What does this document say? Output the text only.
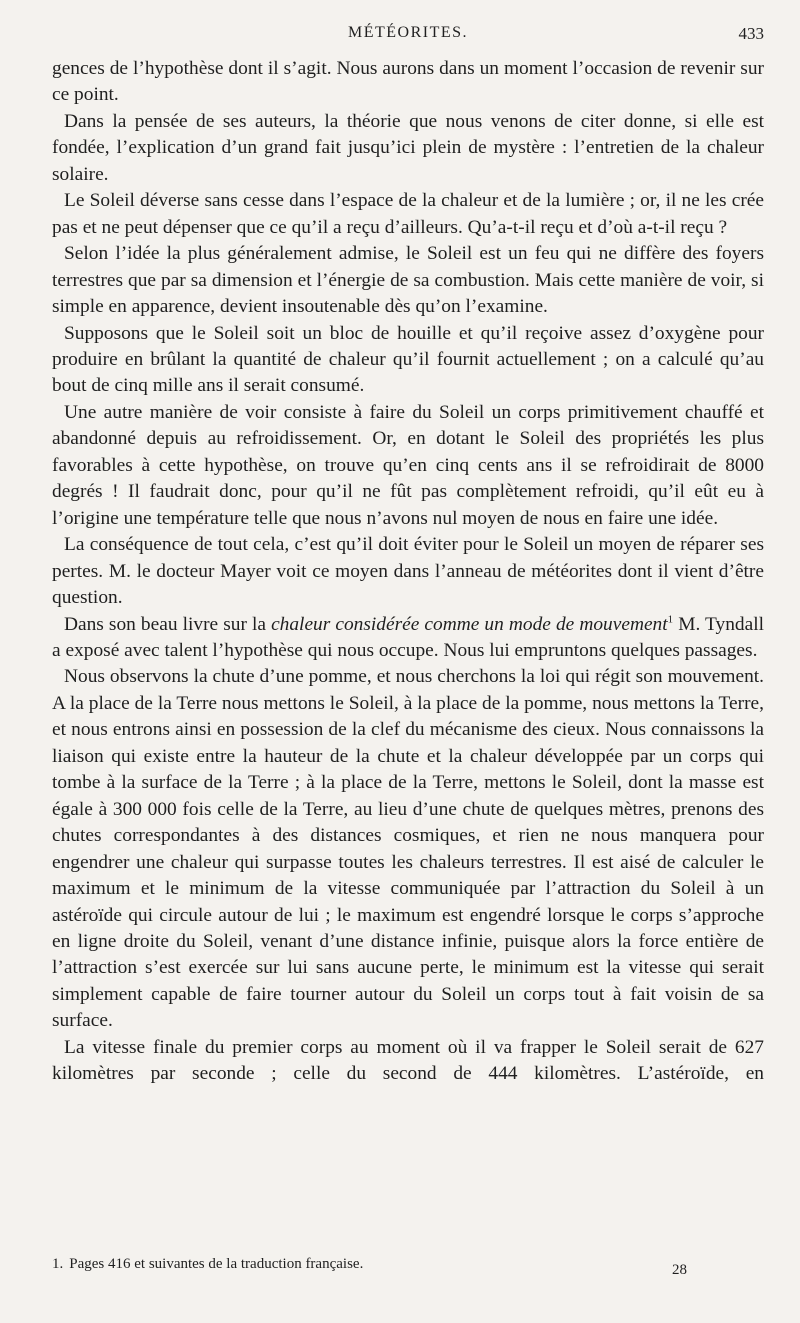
MÉTÉORITES.	433

gences de l’hypothèse dont il s’agit. Nous aurons dans un moment l’occasion de revenir sur ce point.

Dans la pensée de ses auteurs, la théorie que nous venons de citer donne, si elle est fondée, l’explication d’un grand fait jusqu’ici plein de mystère : l’entretien de la chaleur solaire.

Le Soleil déverse sans cesse dans l’espace de la chaleur et de la lumière ; or, il ne les crée pas et ne peut dépenser que ce qu’il a reçu d’ailleurs. Qu’a-t-il reçu et d’où a-t-il reçu ?

Selon l’idée la plus généralement admise, le Soleil est un feu qui ne diffère des foyers terrestres que par sa dimension et l’énergie de sa combustion. Mais cette manière de voir, si simple en apparence, devient insoutenable dès qu’on l’examine.

Supposons que le Soleil soit un bloc de houille et qu’il reçoive assez d’oxygène pour produire en brûlant la quantité de chaleur qu’il fournit actuellement ; on a calculé qu’au bout de cinq mille ans il serait consumé.

Une autre manière de voir consiste à faire du Soleil un corps primitivement chauffé et abandonné depuis au refroidissement. Or, en dotant le Soleil des propriétés les plus favorables à cette hypothèse, on trouve qu’en cinq cents ans il se refroidirait de 8000 degrés ! Il faudrait donc, pour qu’il ne fût pas complètement refroidi, qu’il eût eu à l’origine une température telle que nous n’avons nul moyen de nous en faire une idée.

La conséquence de tout cela, c’est qu’il doit éviter pour le Soleil un moyen de réparer ses pertes. M. le docteur Mayer voit ce moyen dans l’anneau de météorites dont il vient d’être question.

Dans son beau livre sur la chaleur considérée comme un mode de mouvement$^1$ M. Tyndall a exposé avec talent l’hypothèse qui nous occupe. Nous lui empruntons quelques passages.

Nous observons la chute d’une pomme, et nous cherchons la loi qui régit son mouvement. A la place de la Terre nous mettons le Soleil, à la place de la pomme, nous mettons la Terre, et nous entrons ainsi en possession de la clef du mécanisme des cieux. Nous connaissons la liaison qui existe entre la hauteur de la chute et la chaleur développée par un corps qui tombe à la surface de la Terre ; à la place de la Terre, mettons le Soleil, dont la masse est égale à 300 000 fois celle de la Terre, au lieu d’une chute de quelques mètres, prenons des chutes correspondantes à des distances cosmiques, et rien ne nous manquera pour engendrer une chaleur qui surpasse toutes les chaleurs terrestres. Il est aisé de calculer le maximum et le minimum de la vitesse communiquée par l’attraction du Soleil à un astéroïde qui circule autour de lui ; le maximum est engendré lorsque le corps s’approche en ligne droite du Soleil, venant d’une distance infinie, puisque alors la force entière de l’attraction s’est exercée sur lui sans aucune perte, le minimum est la vitesse qui serait simplement capable de faire tourner autour du Soleil un corps tout à fait voisin de sa surface.

La vitesse finale du premier corps au moment où il va frapper le Soleil serait de 627 kilomètres par seconde ; celle du second de 444 kilomètres. L’astéroïde, en

1. Pages 416 et suivantes de la traduction française.	28
